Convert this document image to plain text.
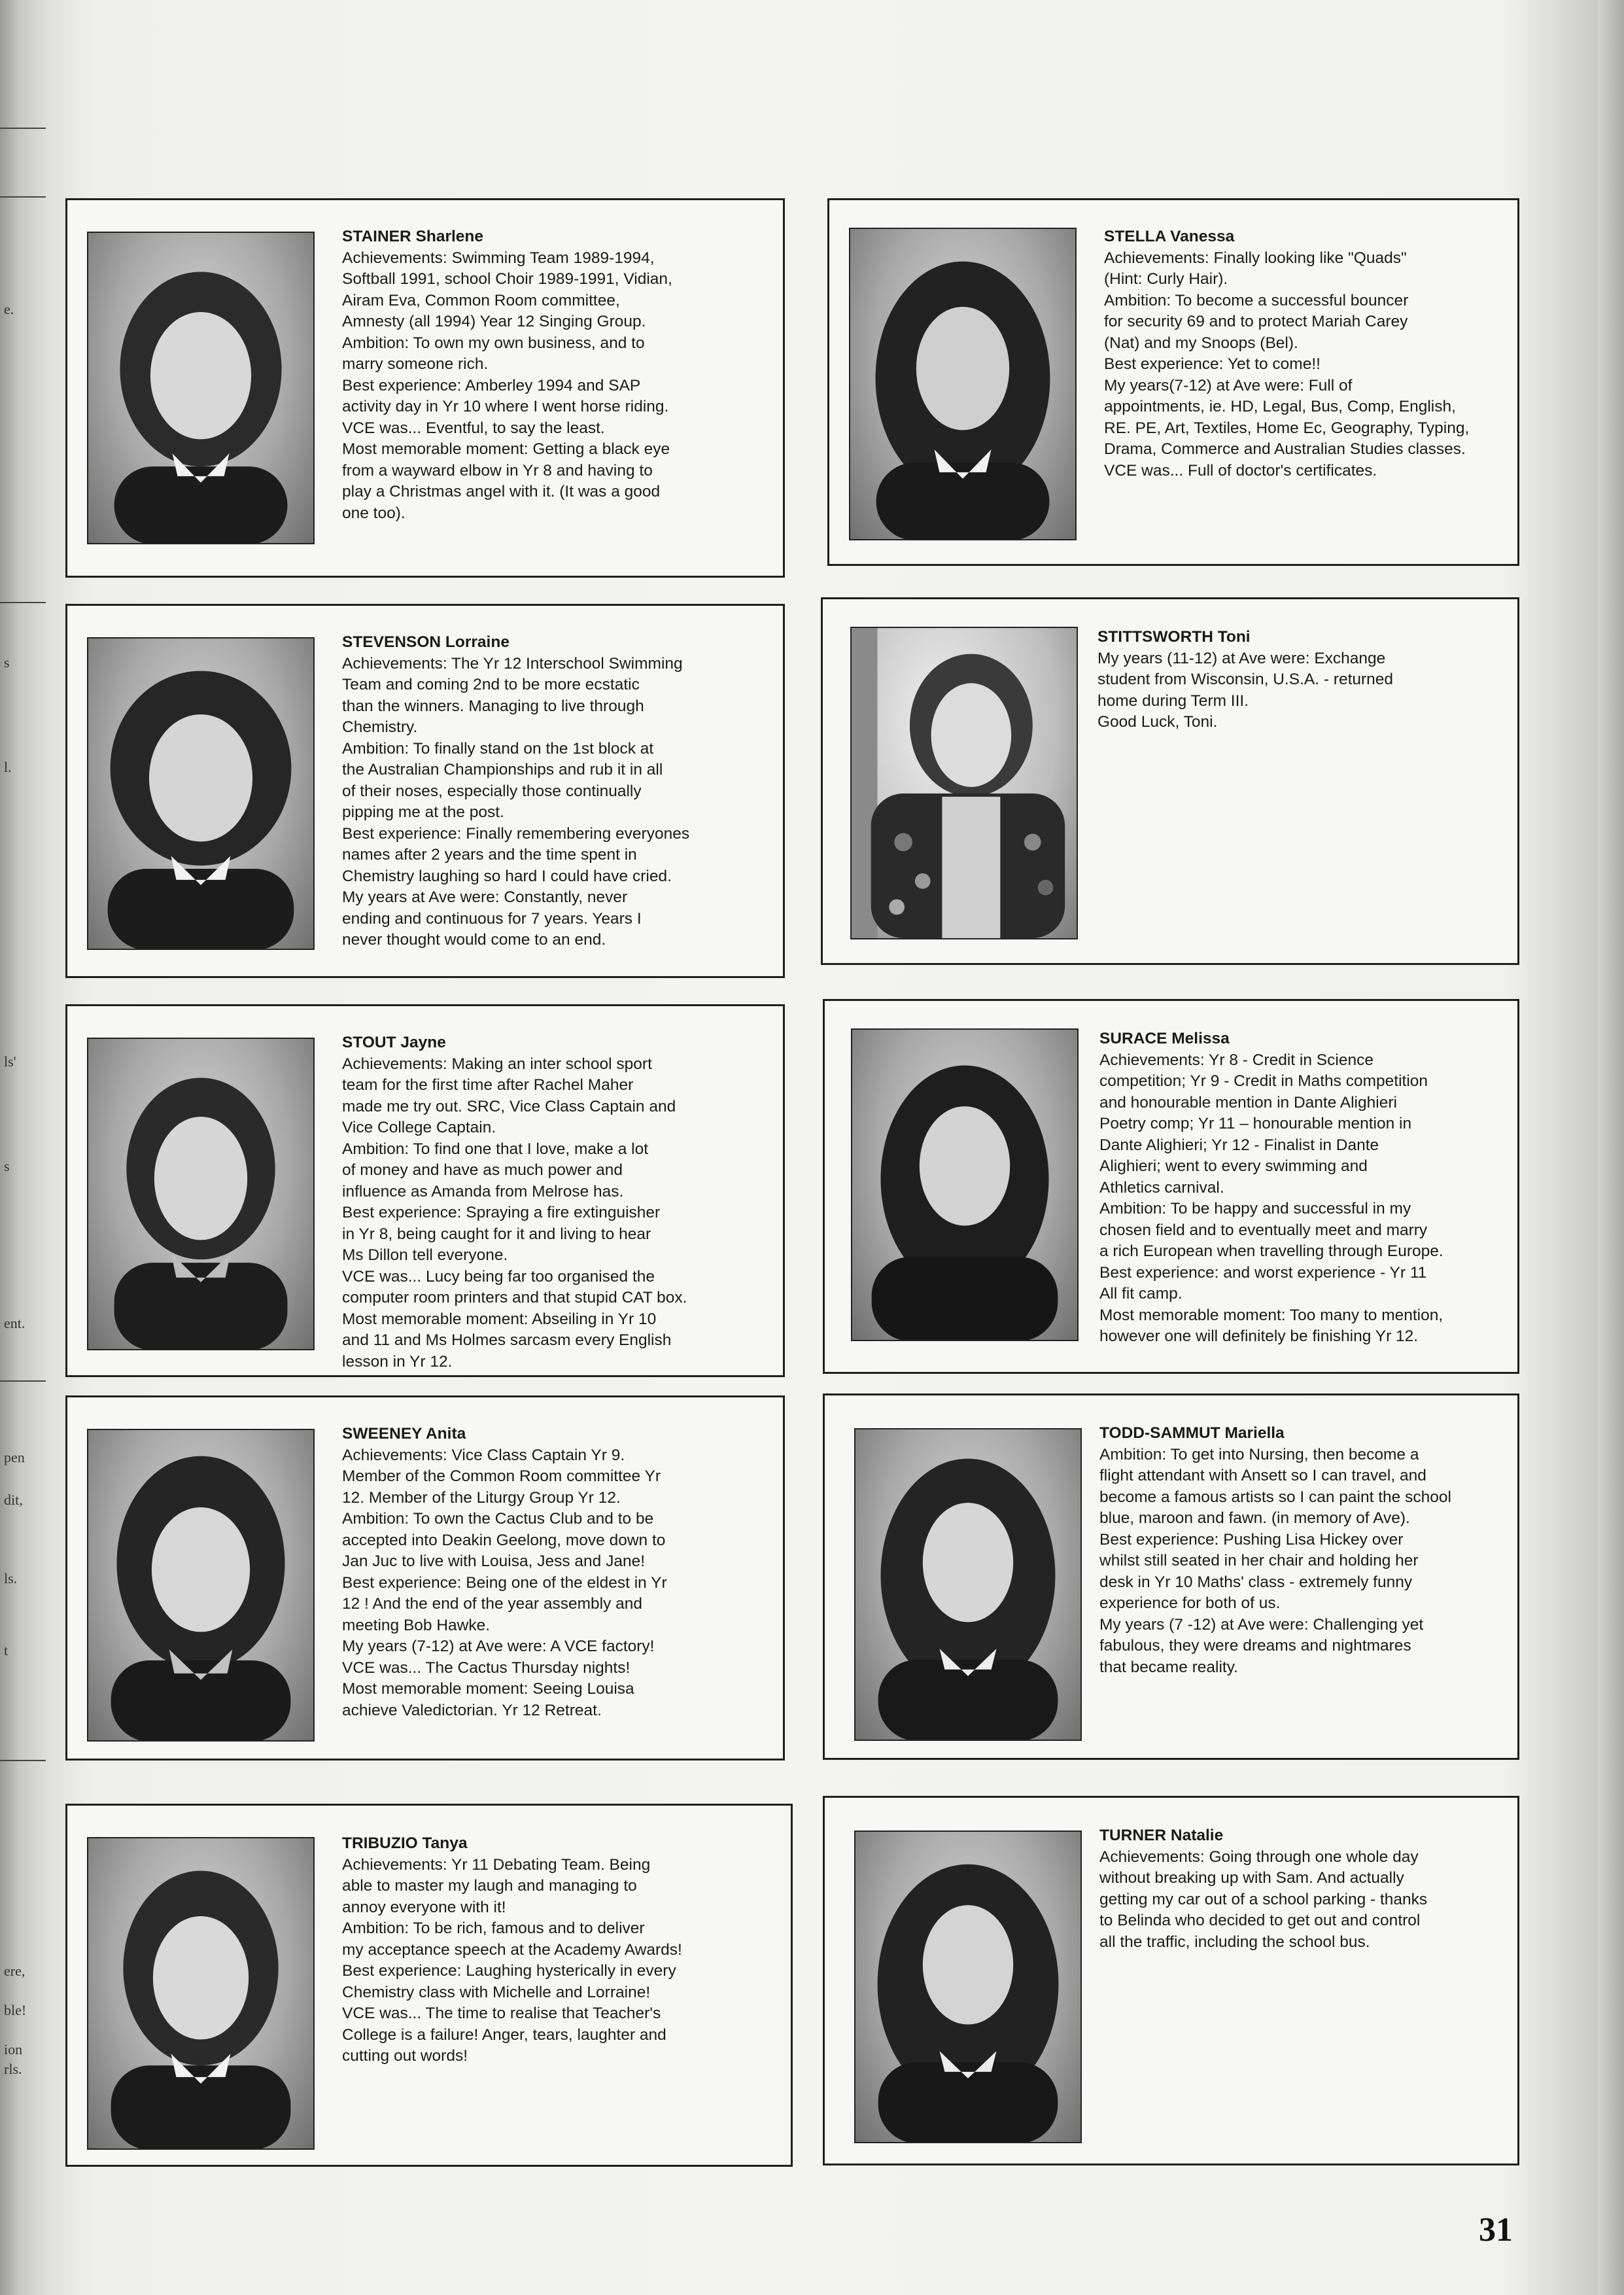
e.
s
l.
ls'
s
ent.
pen
dit,
ls.
t
ere,
ble!
ion
rls.
STAINER Sharlene
Achievements: Swimming Team 1989-1994,
Softball 1991, school Choir 1989-1991, Vidian,
Airam Eva, Common Room committee,
Amnesty (all 1994) Year 12 Singing Group.
Ambition: To own my own business, and to
marry someone rich.
Best experience: Amberley 1994 and SAP
activity day in Yr 10 where I went horse riding.
VCE was... Eventful, to say the least.
Most memorable moment: Getting a black eye
from a wayward elbow in Yr 8 and having to
play a Christmas angel with it. (It was a good
one too).
STELLA Vanessa
Achievements: Finally looking like "Quads"
(Hint: Curly Hair).
Ambition: To become a successful bouncer
for security 69 and to protect Mariah Carey
(Nat) and my Snoops (Bel).
Best experience: Yet to come!!
My years(7-12) at Ave were: Full of
appointments, ie. HD, Legal, Bus, Comp, English,
RE. PE, Art, Textiles, Home Ec, Geography, Typing,
Drama, Commerce and Australian Studies classes.
VCE was... Full of doctor's certificates.
STEVENSON Lorraine
Achievements: The Yr 12 Interschool Swimming
Team and coming 2nd to be more ecstatic
than the winners. Managing to live through
Chemistry.
Ambition: To finally stand on the 1st block at
the Australian Championships and rub it in all
of their noses, especially those continually
pipping me at the post.
Best experience: Finally remembering everyones
names after 2 years and the time spent in
Chemistry laughing so hard I could have cried.
My years at Ave were: Constantly, never
ending and continuous for 7 years. Years I
never thought would come to an end.
STITTSWORTH Toni
My years (11-12) at Ave were: Exchange
student from Wisconsin, U.S.A. - returned
home during Term III.
Good Luck, Toni.
STOUT Jayne
Achievements: Making an inter school sport
team for the first time after Rachel Maher
made me try out. SRC, Vice Class Captain and
Vice College Captain.
Ambition: To find one that I love, make a lot
of money and have as much power and
influence as Amanda from Melrose has.
Best experience: Spraying a fire extinguisher
in Yr 8, being caught for it and living to hear
Ms Dillon tell everyone.
VCE was... Lucy being far too organised the
computer room printers and that stupid CAT box.
Most memorable moment: Abseiling in Yr 10
and 11 and Ms Holmes sarcasm every English
lesson in Yr 12.
SURACE Melissa
Achievements: Yr 8 - Credit in Science
competition; Yr 9 - Credit in Maths competition
and honourable mention in Dante Alighieri
Poetry comp; Yr 11 – honourable mention in
Dante Alighieri; Yr 12 - Finalist in Dante
Alighieri; went to every swimming and
Athletics carnival.
Ambition: To be happy and successful in my
chosen field and to eventually meet and marry
a rich European when travelling through Europe.
Best experience: and worst experience - Yr 11
All fit camp.
Most memorable moment: Too many to mention,
however one will definitely be finishing Yr 12.
SWEENEY Anita
Achievements: Vice Class Captain Yr 9.
Member of the Common Room committee Yr
12. Member of the Liturgy Group Yr 12.
Ambition: To own the Cactus Club and to be
accepted into Deakin Geelong, move down to
Jan Juc to live with Louisa, Jess and Jane!
Best experience: Being one of the eldest in Yr
12 ! And the end of the year assembly and
meeting Bob Hawke.
My years (7-12) at Ave were: A VCE factory!
VCE was... The Cactus Thursday nights!
Most memorable moment: Seeing Louisa
achieve Valedictorian. Yr 12 Retreat.
TODD-SAMMUT Mariella
Ambition: To get into Nursing, then become a
flight attendant with Ansett so I can travel, and
become a famous artists so I can paint the school
blue, maroon and fawn. (in memory of Ave).
Best experience: Pushing Lisa Hickey over
whilst still seated in her chair and holding her
desk in Yr 10 Maths' class - extremely funny
experience for both of us.
My years (7 -12) at Ave were: Challenging yet
fabulous, they were dreams and nightmares
that became reality.
TRIBUZIO Tanya
Achievements: Yr 11 Debating Team. Being
able to master my laugh and managing to
annoy everyone with it!
Ambition: To be rich, famous and to deliver
my acceptance speech at the Academy Awards!
Best experience: Laughing hysterically in every
Chemistry class with Michelle and Lorraine!
VCE was... The time to realise that Teacher's
College is a failure! Anger, tears, laughter and
cutting out words!
TURNER Natalie
Achievements: Going through one whole day
without breaking up with Sam. And actually
getting my car out of a school parking - thanks
to Belinda who decided to get out and control
all the traffic, including the school bus.
31
